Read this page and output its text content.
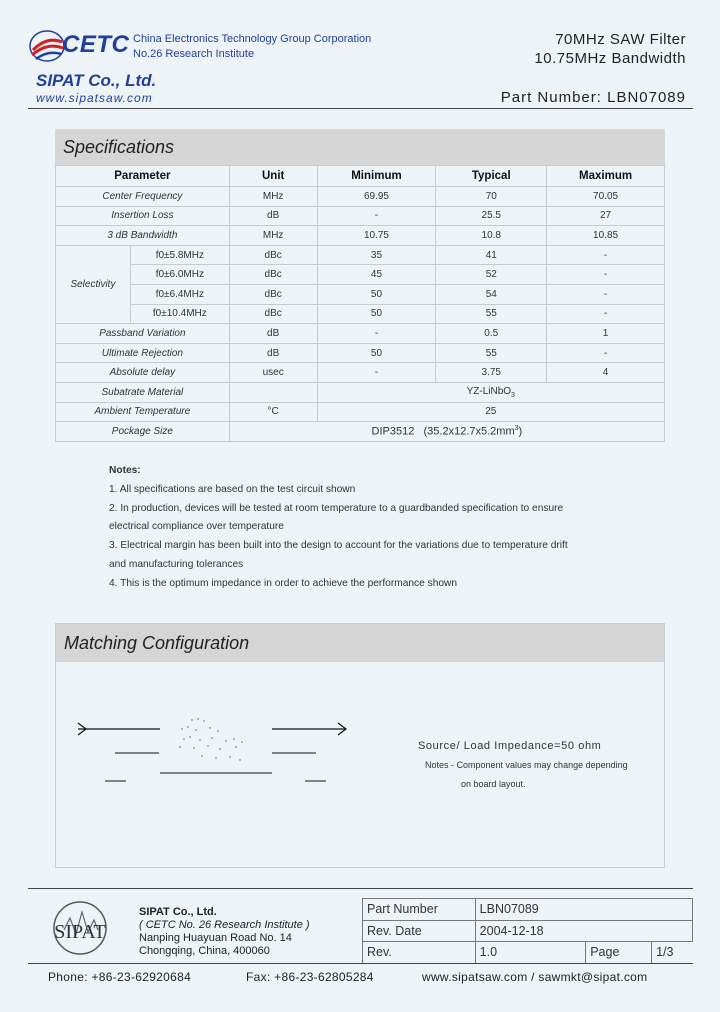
CETC China Electronics Technology Group Corporation
No.26 Research Institute
SIPAT Co., Ltd.
www.sipatsaw.com
70MHz SAW Filter
10.75MHz Bandwidth
Part Number: LBN07089
Specifications
Parameter		Unit	Minimum	Typical	Maximum
Center Frequency		MHz	69.95	70	70.05
Insertion Loss		dB	-	25.5	27
3 dB Bandwidth		MHz	10.75	10.8	10.85
Selectivity	f0±5.8MHz	dBc	35	41	-
	f0±6.0MHz	dBc	45	52	-
	f0±6.4MHz	dBc	50	54	-
	f0±10.4MHz	dBc	50	55	-
Passband Variation		dB	-	0.5	1
Ultimate Rejection		dB	50	55	-
Absolute delay		usec	-	3.75	4
Subatrate Material			YZ-LiNbO$_3$
Ambient Temperature		°C	25		
Pockage Size		DIP3512   $(35.2x12.7x5.2mm^3)$			
Notes:
1. All specifications are based on the test circuit shown
2. In production, devices will be tested at room temperature to a guardbanded specification to ensure
electrical compliance over temperature
3. Electrical margin has been built into the design to account for the variations due to temperature drift
and manufacturing tolerances
4. This is the optimum impedance in order to achieve the performance shown
Matching Configuration
Source/ Load Impedance=50 ohm
Notes - Component values may change depending
on board layout.
SIPAT
SIPAT Co., Ltd.
( CETC No. 26 Research Institute )
Nanping Huayuan Road No. 14
Chongqing, China, 400060
Part Number	LBN07089		
Rev. Date	2004-12-18		
Rev.	1.0	Page	1/3
Phone: +86-23-62920684	Fax: +86-23-62805284	www.sipatsaw.com / sawmkt@sipat.com
